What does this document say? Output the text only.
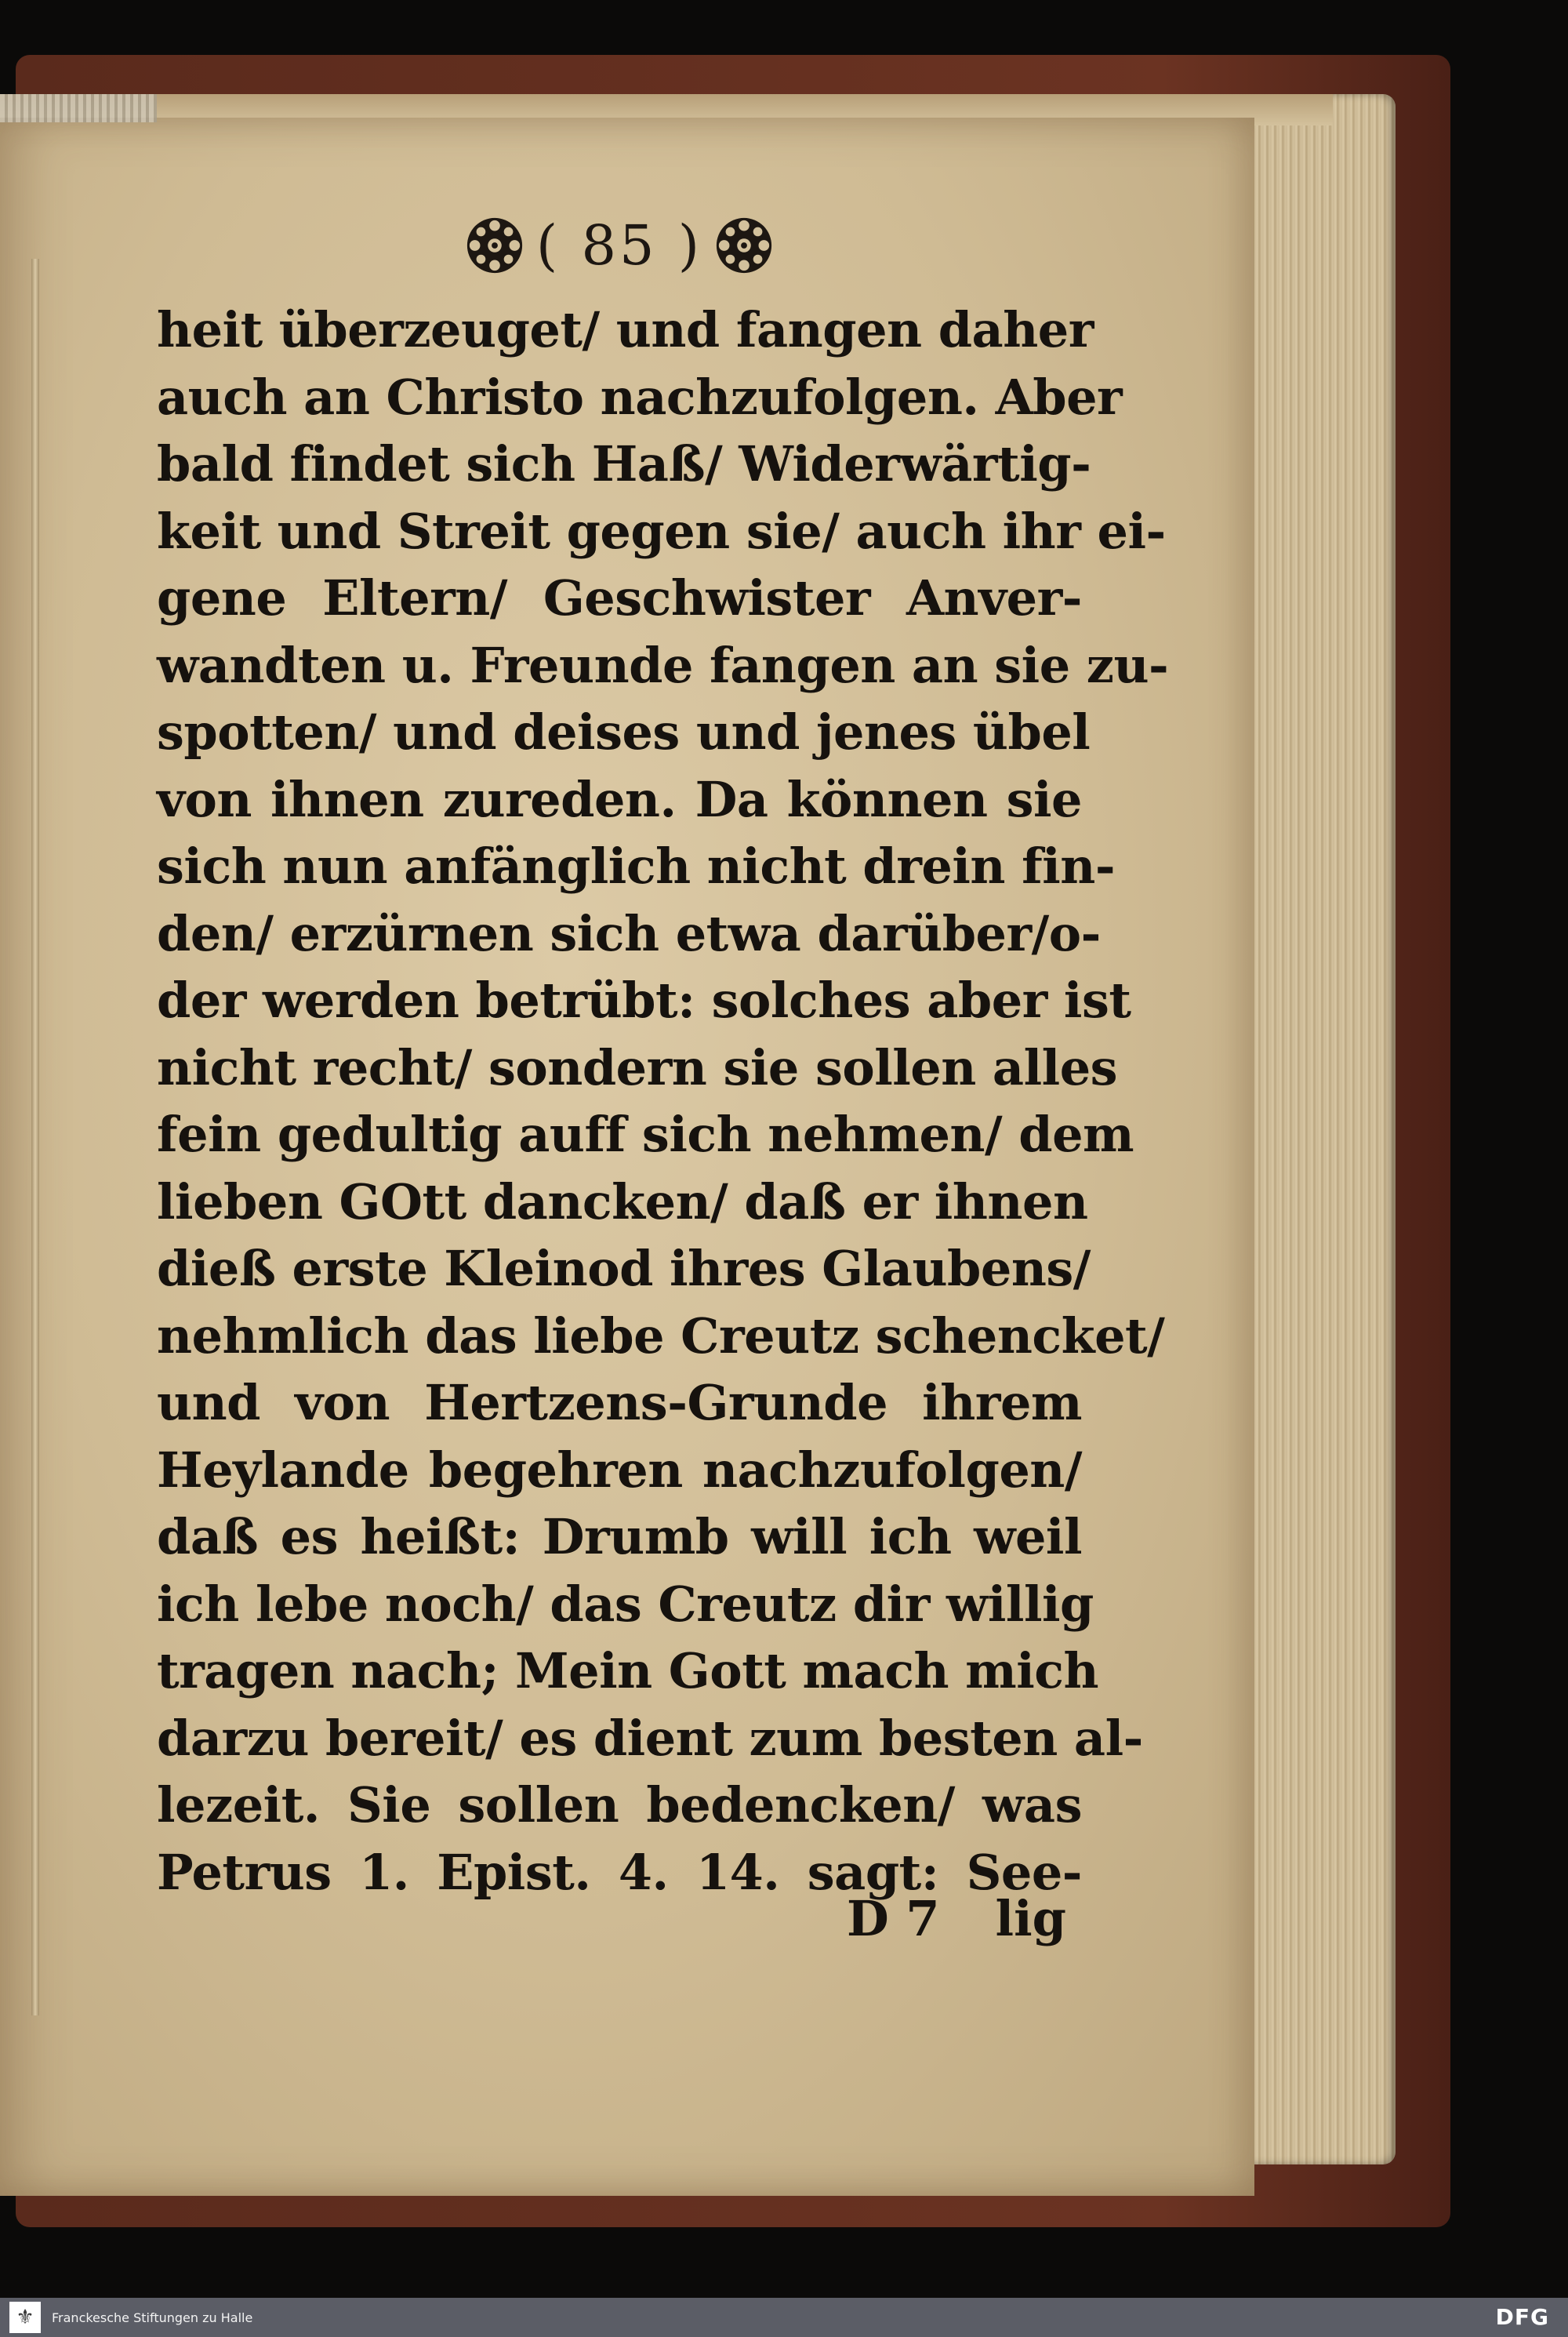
( 85 )
heit überzeuget/ und fangen daher
auch an Christo nachzufolgen. Aber
bald findet sich Haß/ Widerwärtig-
keit und Streit gegen sie/ auch ihr ei-
gene Eltern/ Geschwister Anver-
wandten u. Freunde fangen an sie zu-
spotten/ und deises und jenes übel
von ihnen zureden. Da können sie
sich nun anfänglich nicht drein fin-
den/ erzürnen sich etwa darüber/o-
der werden betrübt: solches aber ist
nicht recht/ sondern sie sollen alles
fein gedultig auff sich nehmen/ dem
lieben GOtt dancken/ daß er ihnen
dieß erste Kleinod ihres Glaubens/
nehmlich das liebe Creutz schencket/
und von Hertzens-Grunde ihrem
Heylande begehren nachzufolgen/
daß es heißt: Drumb will ich weil
ich lebe noch/ das Creutz dir willig
tragen nach; Mein Gott mach mich
darzu bereit/ es dient zum besten al-
lezeit. Sie sollen bedencken/ was
Petrus 1. Epist. 4. 14. sagt: See-
D 7 lig
⚜	Franckesche Stiftungen zu Halle	DFG
